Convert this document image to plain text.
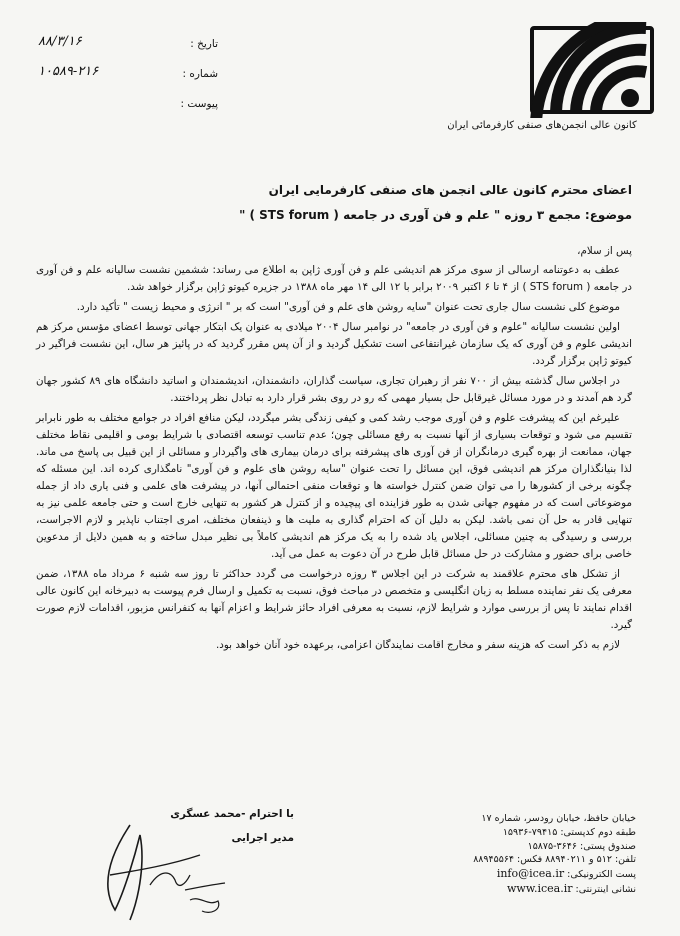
کانون عالی انجمن‌های صنفی کارفرمائی ایران
تاریخ :
۸۸/۳/۱۶
شماره :
۱۰۵۸۹-۲۱۶
پیوست :

اعضای محترم کانون عالی انجمن های صنفی کارفرمایی ایران

موضوع: مجمع ۳ روزه " علم و فن آوری در جامعه ( STS forum ) "

پس از سلام،

عطف به دعوتنامه ارسالی از سوی مرکز هم اندیشی علم و فن آوری ژاپن به اطلاع می رساند: ششمین نشست سالیانه علم و فن آوری در جامعه ( STS forum ) از ۴ تا ۶ اکتبر ۲۰۰۹ برابر با ۱۲ الی ۱۴ مهر ماه ۱۳۸۸ در جزیره کیوتو ژاپن برگزار خواهد شد.

موضوع کلی نشست سال جاری تحت عنوان "سایه روشن های علم و فن آوری" است که بر " انرژی و محیط زیست " تأکید دارد.

اولین نشست سالیانه "علوم و فن آوری در جامعه" در نوامبر سال ۲۰۰۴ میلادی به عنوان یک ابتکار جهانی توسط اعضای مؤسس مرکز هم اندیشی علوم و فن آوری که یک سازمان غیرانتفاعی است تشکیل گردید و از آن پس مقرر گردید که در پائیز هر سال، این نشست فراگیر در کیوتو ژاپن برگزار گردد.

در اجلاس سال گذشته بیش از ۷۰۰ نفر از رهبران تجاری، سیاست گذاران، دانشمندان، اندیشمندان و اساتید دانشگاه های ۸۹ کشور جهان گرد هم آمدند و در مورد مسائل غیرقابل حل بسیار مهمی که رو در روی بشر قرار دارد به تبادل نظر پرداختند.

علیرغم این که پیشرفت علوم و فن آوری موجب رشد کمی و کیفی زندگی بشر میگردد، لیکن منافع افراد در جوامع مختلف به طور نابرابر تقسیم می شود و توقعات بسیاری از آنها نسبت به رفع مسائلی چون؛ عدم تناسب توسعه اقتصادی با شرایط بومی و اقلیمی نقاط مختلف جهان، ممانعت از بهره گیری درمانگران از فن آوری های پیشرفته برای درمان بیماری های واگیردار و مسائلی از این قبیل بی پاسخ می ماند. لذا بنیانگذاران مرکز هم اندیشی فوق، این مسائل را تحت عنوان "سایه روشن های علوم و فن آوری" نامگذاری کرده اند. این مسئله که چگونه برخی از کشورها را می توان ضمن کنترل خواسته ها و توقعات منفی احتمالی آنها، در پیشرفت های علمی و فنی یاری داد از جمله موضوعاتی است که در مفهوم جهانی شدن به طور فزاینده ای پیچیده و از کنترل هر کشور به تنهایی خارج است و حتی جامعه علمی نیز به تنهایی قادر به حل آن نمی باشد. لیکن به دلیل آن که احترام گذاری به ملیت ها و ذینفعان مختلف، امری اجتناب ناپذیر و لازم الاجراست، بررسی و رسیدگی به چنین مسائلی، اجلاس یاد شده را به یک مرکز هم اندیشی کاملاً بی نظیر مبدل ساخته و به همین دلایل از مدعوین خاصی برای حضور و مشارکت در حل مسائل قابل طرح در آن دعوت به عمل می آید.

از تشکل های محترم علاقمند به شرکت در این اجلاس ۳ روزه درخواست می گردد حداکثر تا روز سه شنبه ۶ مرداد ماه ۱۳۸۸، ضمن معرفی یک نفر نماینده مسلط به زبان انگلیسی و متخصص در مباحث فوق، نسبت به تکمیل و ارسال فرم پیوست به دبیرخانه این کانون عالی اقدام نمایند تا پس از بررسی موارد و شرایط لازم، نسبت به معرفی افراد حائز شرایط و اعزام آنها به کنفرانس مزبور، اقدامات لازم صورت گیرد.

لازم به ذکر است که هزینه سفر و مخارج اقامت نمایندگان اعزامی، برعهده خود آنان خواهد بود.

با احترام -محمد عسگری
مدیر اجرایی
خیابان حافظ، خیابان رودسر، شماره ۱۷
طبقه دوم کدپستی: ۷۹۴۱۵-۱۵۹۳۶
صندوق پستی: ۳۶۴۶-۱۵۸۷۵
تلفن: ۵۱۲ و ۸۸۹۴۰۲۱۱ فکس: ۸۸۹۴۵۵۶۴
پست الکترونیکی: info@icea.ir
نشانی اینترنتی: www.icea.ir
